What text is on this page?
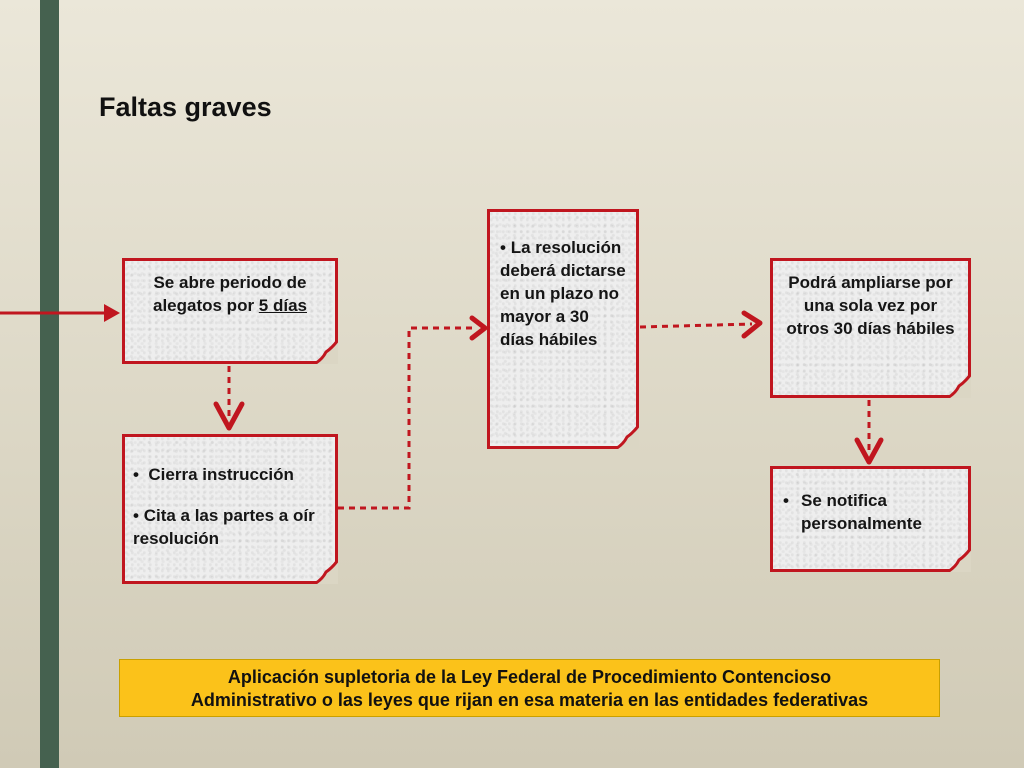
Faltas graves
Se abre periodo de alegatos por 5 días
•  Cierra instrucción
• Cita a las partes a oír resolución
• La resolución deberá dictarse en un plazo no mayor a 30 días hábiles
Podrá ampliarse por una sola vez por otros 30 días hábiles
• Se notifica personalmente
Aplicación supletoria de la Ley Federal de Procedimiento Contencioso
Administrativo o las leyes que rijan en esa materia en las entidades federativas
